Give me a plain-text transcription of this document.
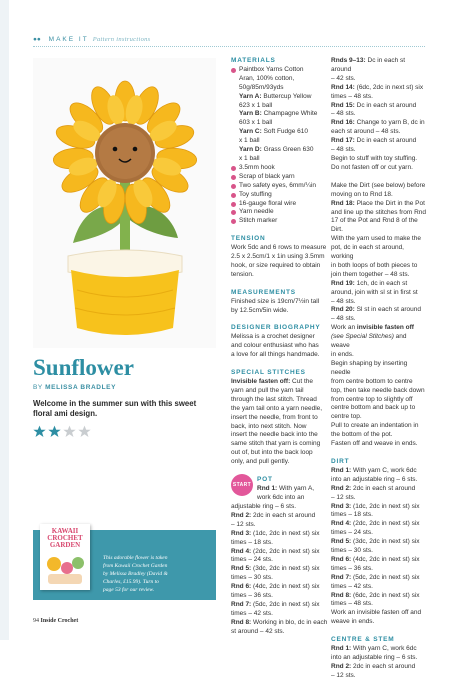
●● MAKE IT Pattern instructions
Sunflower
BY MELISSA BRADLEY
Welcome in the summer sun with this sweet floral ami design.
KAWAII CROCHET
GARDEN
This adorable flower is taken
from Kawaii Crochet Garden
by Melissa Bradley (David &
Charles, £15.99). Turn to
page 53 for our review.
94 Inside Crochet
MATERIALS
Paintbox Yarns Cotton
Aran, 100% cotton,
50g/85m/93yds
Yarn A: Buttercup Yellow
623 x 1 ball
Yarn B: Champagne White
603 x 1 ball
Yarn C: Soft Fudge 610
x 1 ball
Yarn D: Grass Green 630
x 1 ball
3.5mm hook
Scrap of black yarn
Two safety eyes, 6mm/¼in
Toy stuffing
16-gauge floral wire
Yarn needle
Stitch marker
TENSION
Work 5dc and 6 rows to measure
2.5 x 2.5cm/1 x 1in using 3.5mm
hook, or size required to obtain
tension.
MEASUREMENTS
Finished size is 19cm/7½in tall
by 12.5cm/5in wide.
DESIGNER BIOGRAPHY
Melissa is a crochet designer
and colour enthusiast who has
a love for all things handmade.
SPECIAL STITCHES
Invisible fasten off: Cut the
yarn and pull the yarn tail
through the last stitch. Thread
the yarn tail onto a yarn needle,
insert the needle, from front to
back, into next stitch. Now
insert the needle back into the
same stitch that yarn is coming
out of, but into the back loop
only, and pull gently.
START
POT
Rnd 1: With yarn A,
work 6dc into an
adjustable ring – 6 sts.
Rnd 2: 2dc in each st around
– 12 sts.
Rnd 3: (1dc, 2dc in next st) six
times – 18 sts.
Rnd 4: (2dc, 2dc in next st) six
times – 24 sts.
Rnd 5: (3dc, 2dc in next st) six
times – 30 sts.
Rnd 6: (4dc, 2dc in next st) six
times – 36 sts.
Rnd 7: (5dc, 2dc in next st) six
times – 42 sts.
Rnd 8: Working in blo, dc in each
st around – 42 sts.
Rnds 9–13: Dc in each st around
– 42 sts.
Rnd 14: (6dc, 2dc in next st) six
times – 48 sts.
Rnd 15: Dc in each st around
– 48 sts.
Rnd 16: Change to yarn B, dc in
each st around – 48 sts.
Rnd 17: Dc in each st around
– 48 sts.
Begin to stuff with toy stuffing.
Do not fasten off or cut yarn.
Make the Dirt (see below) before
moving on to Rnd 18.
Rnd 18: Place the Dirt in the Pot
and line up the stitches from Rnd
17 of the Pot and Rnd 8 of the Dirt.
With the yarn used to make the
pot, dc in each st around, working
in both loops of both pieces to
join them together – 48 sts.
Rnd 19: 1ch, dc in each st
around, join with sl st in first st
– 48 sts.
Rnd 20: Sl st in each st around
– 48 sts.
Work an invisible fasten off
(see Special Stitches) and weave
in ends.
Begin shaping by inserting needle
from centre bottom to centre
top, then take needle back down
from centre top to slightly off
centre bottom and back up to
centre top.
Pull to create an indentation in
the bottom of the pot.
Fasten off and weave in ends.
DIRT
Rnd 1: With yarn C, work 6dc
into an adjustable ring – 6 sts.
Rnd 2: 2dc in each st around
– 12 sts.
Rnd 3: (1dc, 2dc in next st) six
times – 18 sts.
Rnd 4: (2dc, 2dc in next st) six
times – 24 sts.
Rnd 5: (3dc, 2dc in next st) six
times – 30 sts.
Rnd 6: (4dc, 2dc in next st) six
times – 36 sts.
Rnd 7: (5dc, 2dc in next st) six
times – 42 sts.
Rnd 8: (6dc, 2dc in next st) six
times – 48 sts.
Work an invisible fasten off and
weave in ends.
CENTRE & STEM
Rnd 1: With yarn C, work 6dc
into an adjustable ring – 6 sts.
Rnd 2: 2dc in each st around
– 12 sts.
